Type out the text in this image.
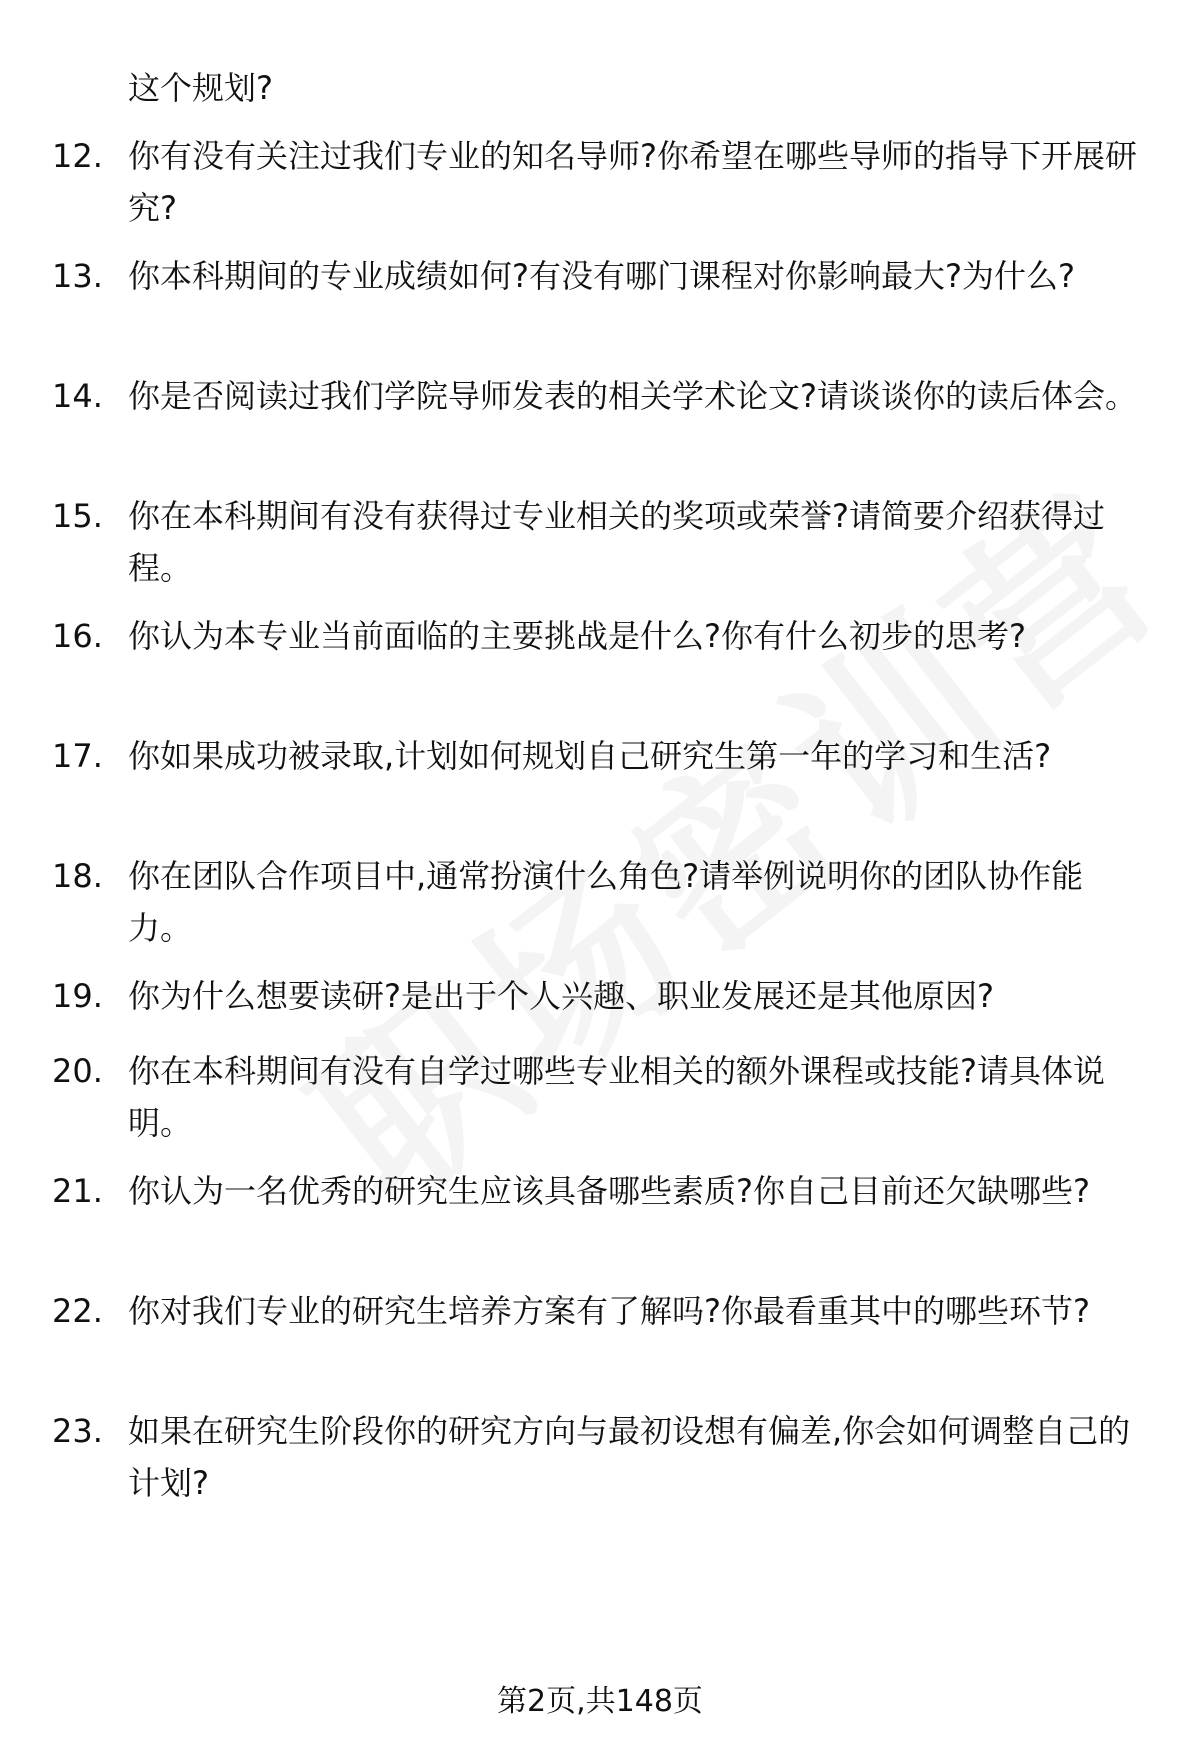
这个规划?
12. 你有没有关注过我们专业的知名导师?你希望在哪些导师的指导下开展研究?
13. 你本科期间的专业成绩如何?有没有哪门课程对你影响最大?为什么?
14. 你是否阅读过我们学院导师发表的相关学术论文?请谈谈你的读后体会。
15. 你在本科期间有没有获得过专业相关的奖项或荣誉?请简要介绍获得过程。
16. 你认为本专业当前面临的主要挑战是什么?你有什么初步的思考?
17. 你如果成功被录取,计划如何规划自己研究生第一年的学习和生活?
18. 你在团队合作项目中,通常扮演什么角色?请举例说明你的团队协作能力。
19. 你为什么想要读研?是出于个人兴趣、职业发展还是其他原因?
20. 你在本科期间有没有自学过哪些专业相关的额外课程或技能?请具体说明。
21. 你认为一名优秀的研究生应该具备哪些素质?你自己目前还欠缺哪些?
22. 你对我们专业的研究生培养方案有了解吗?你最看重其中的哪些环节?
23. 如果在研究生阶段你的研究方向与最初设想有偏差,你会如何调整自己的计划?
第2页,共148页
